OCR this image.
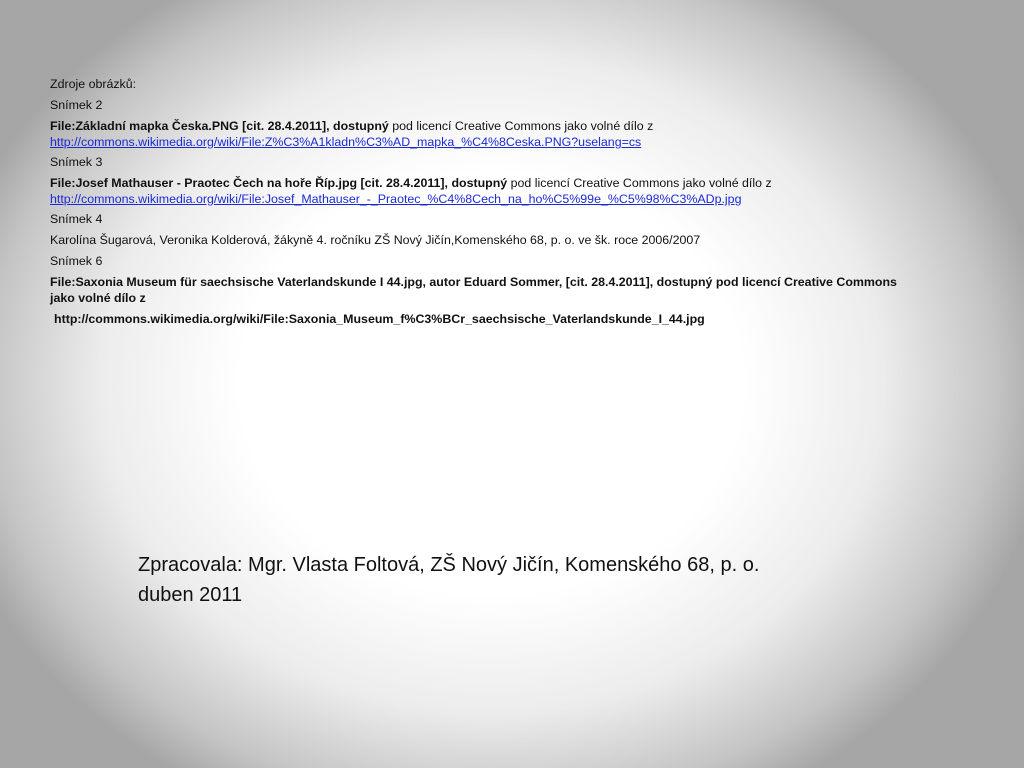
Zdroje obrázků:
Snímek 2
File:Základní mapka Česka.PNG [cit. 28.4.2011], dostupný pod licencí Creative Commons jako volné dílo z
http://commons.wikimedia.org/wiki/File:Z%C3%A1kladn%C3%AD_mapka_%C4%8Ceska.PNG?uselang=cs
Snímek 3
File:Josef Mathauser - Praotec Čech na hoře Říp.jpg [cit. 28.4.2011], dostupný pod licencí Creative Commons jako volné dílo z
http://commons.wikimedia.org/wiki/File:Josef_Mathauser_-_Praotec_%C4%8Cech_na_ho%C5%99e_%C5%98%C3%ADp.jpg
Snímek 4
Karolína Šugarová, Veronika Kolderová, žákyně 4. ročníku ZŠ Nový Jičín,Komenského 68, p. o. ve šk. roce 2006/2007
Snímek 6
File:Saxonia Museum für saechsische Vaterlandskunde I 44.jpg, autor Eduard Sommer, [cit. 28.4.2011], dostupný pod licencí Creative Commons jako volné dílo z
http://commons.wikimedia.org/wiki/File:Saxonia_Museum_f%C3%BCr_saechsische_Vaterlandskunde_I_44.jpg
Zpracovala: Mgr. Vlasta Foltová, ZŠ Nový Jičín, Komenského 68, p. o.
duben 2011
